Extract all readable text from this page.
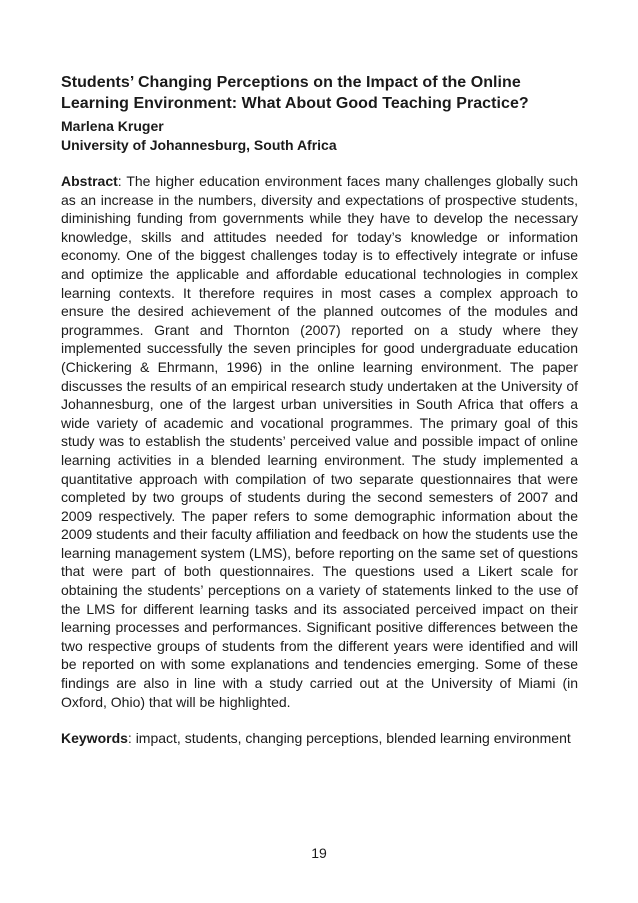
Students’ Changing Perceptions on the Impact of the Online Learning Environment: What About Good Teaching Practice?

Marlena Kruger

University of Johannesburg, South Africa

Abstract: The higher education environment faces many challenges globally such as an increase in the numbers, diversity and expectations of prospective students, diminishing funding from governments while they have to develop the necessary knowledge, skills and attitudes needed for today’s knowledge or information economy. One of the biggest challenges today is to effectively integrate or infuse and optimize the applicable and affordable educational technologies in complex learning contexts. It therefore requires in most cases a complex approach to ensure the desired achievement of the planned outcomes of the modules and programmes. Grant and Thornton (2007) reported on a study where they implemented successfully the seven principles for good undergraduate education (Chickering & Ehrmann, 1996) in the online learning environment. The paper discusses the results of an empirical research study undertaken at the University of Johannesburg, one of the largest urban universities in South Africa that offers a wide variety of academic and vocational programmes. The primary goal of this study was to establish the students’ perceived value and possible impact of online learning activities in a blended learning environment. The study implemented a quantitative approach with compilation of two separate questionnaires that were completed by two groups of students during the second semesters of 2007 and 2009 respectively. The paper refers to some demographic information about the 2009 students and their faculty affiliation and feedback on how the students use the learning management system (LMS), before reporting on the same set of questions that were part of both questionnaires. The questions used a Likert scale for obtaining the students’ perceptions on a variety of statements linked to the use of the LMS for different learning tasks and its associated perceived impact on their learning processes and performances. Significant positive differences between the two respective groups of students from the different years were identified and will be reported on with some explanations and tendencies emerging. Some of these findings are also in line with a study carried out at the University of Miami (in Oxford, Ohio) that will be highlighted.
Keywords: impact, students, changing perceptions, blended learning environment
19
